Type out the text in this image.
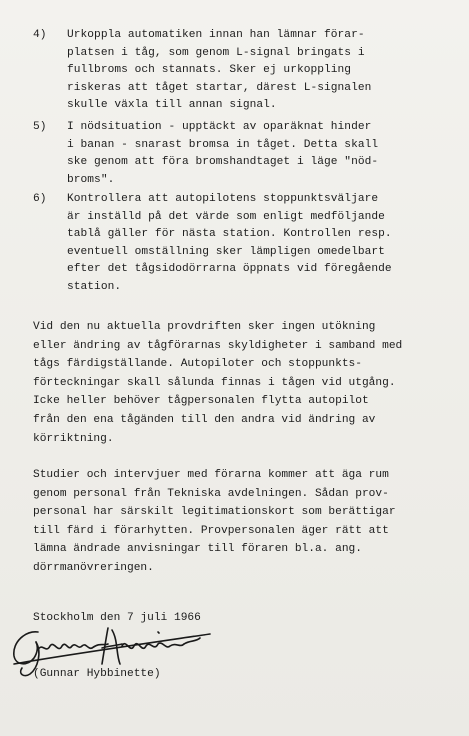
4)	Urkoppla automatiken innan han lämnar förar-
platsen i tåg, som genom L-signal bringats i
fullbroms och stannats. Sker ej urkoppling
riskeras att tåget startar, därest L-signalen
skulle växla till annan signal.
5)	I nödsituation - upptäckt av oparäknat hinder
i banan - snarast bromsa in tåget. Detta skall
ske genom att föra bromshandtaget i läge "nöd-
broms".
6)	Kontrollera att autopilotens stoppunktsväljare
är inställd på det värde som enligt medföljande
tablå gäller för nästa station. Kontrollen resp.
eventuell omställning sker lämpligen omedelbart
efter det tågsidodörrarna öppnats vid föregående
station.
Vid den nu aktuella provdriften sker ingen utökning
eller ändring av tågförarnas skyldigheter i samband med
tågs färdigställande. Autopiloter och stoppunkts-
förteckningar skall sålunda finnas i tågen vid utgång.
Icke heller behöver tågpersonalen flytta autopilot
från den ena tågänden till den andra vid ändring av
körriktning.
Studier och intervjuer med förarna kommer att äga rum
genom personal från Tekniska avdelningen. Sådan prov-
personal har särskilt legitimationskort som berättigar
till färd i förarhytten. Provpersonalen äger rätt att
lämna ändrade anvisningar till föraren bl.a. ang.
dörrmanövreringen.
Stockholm den 7 juli 1966
Gunnar Hybbinette
(Gunnar Hybbinette)
